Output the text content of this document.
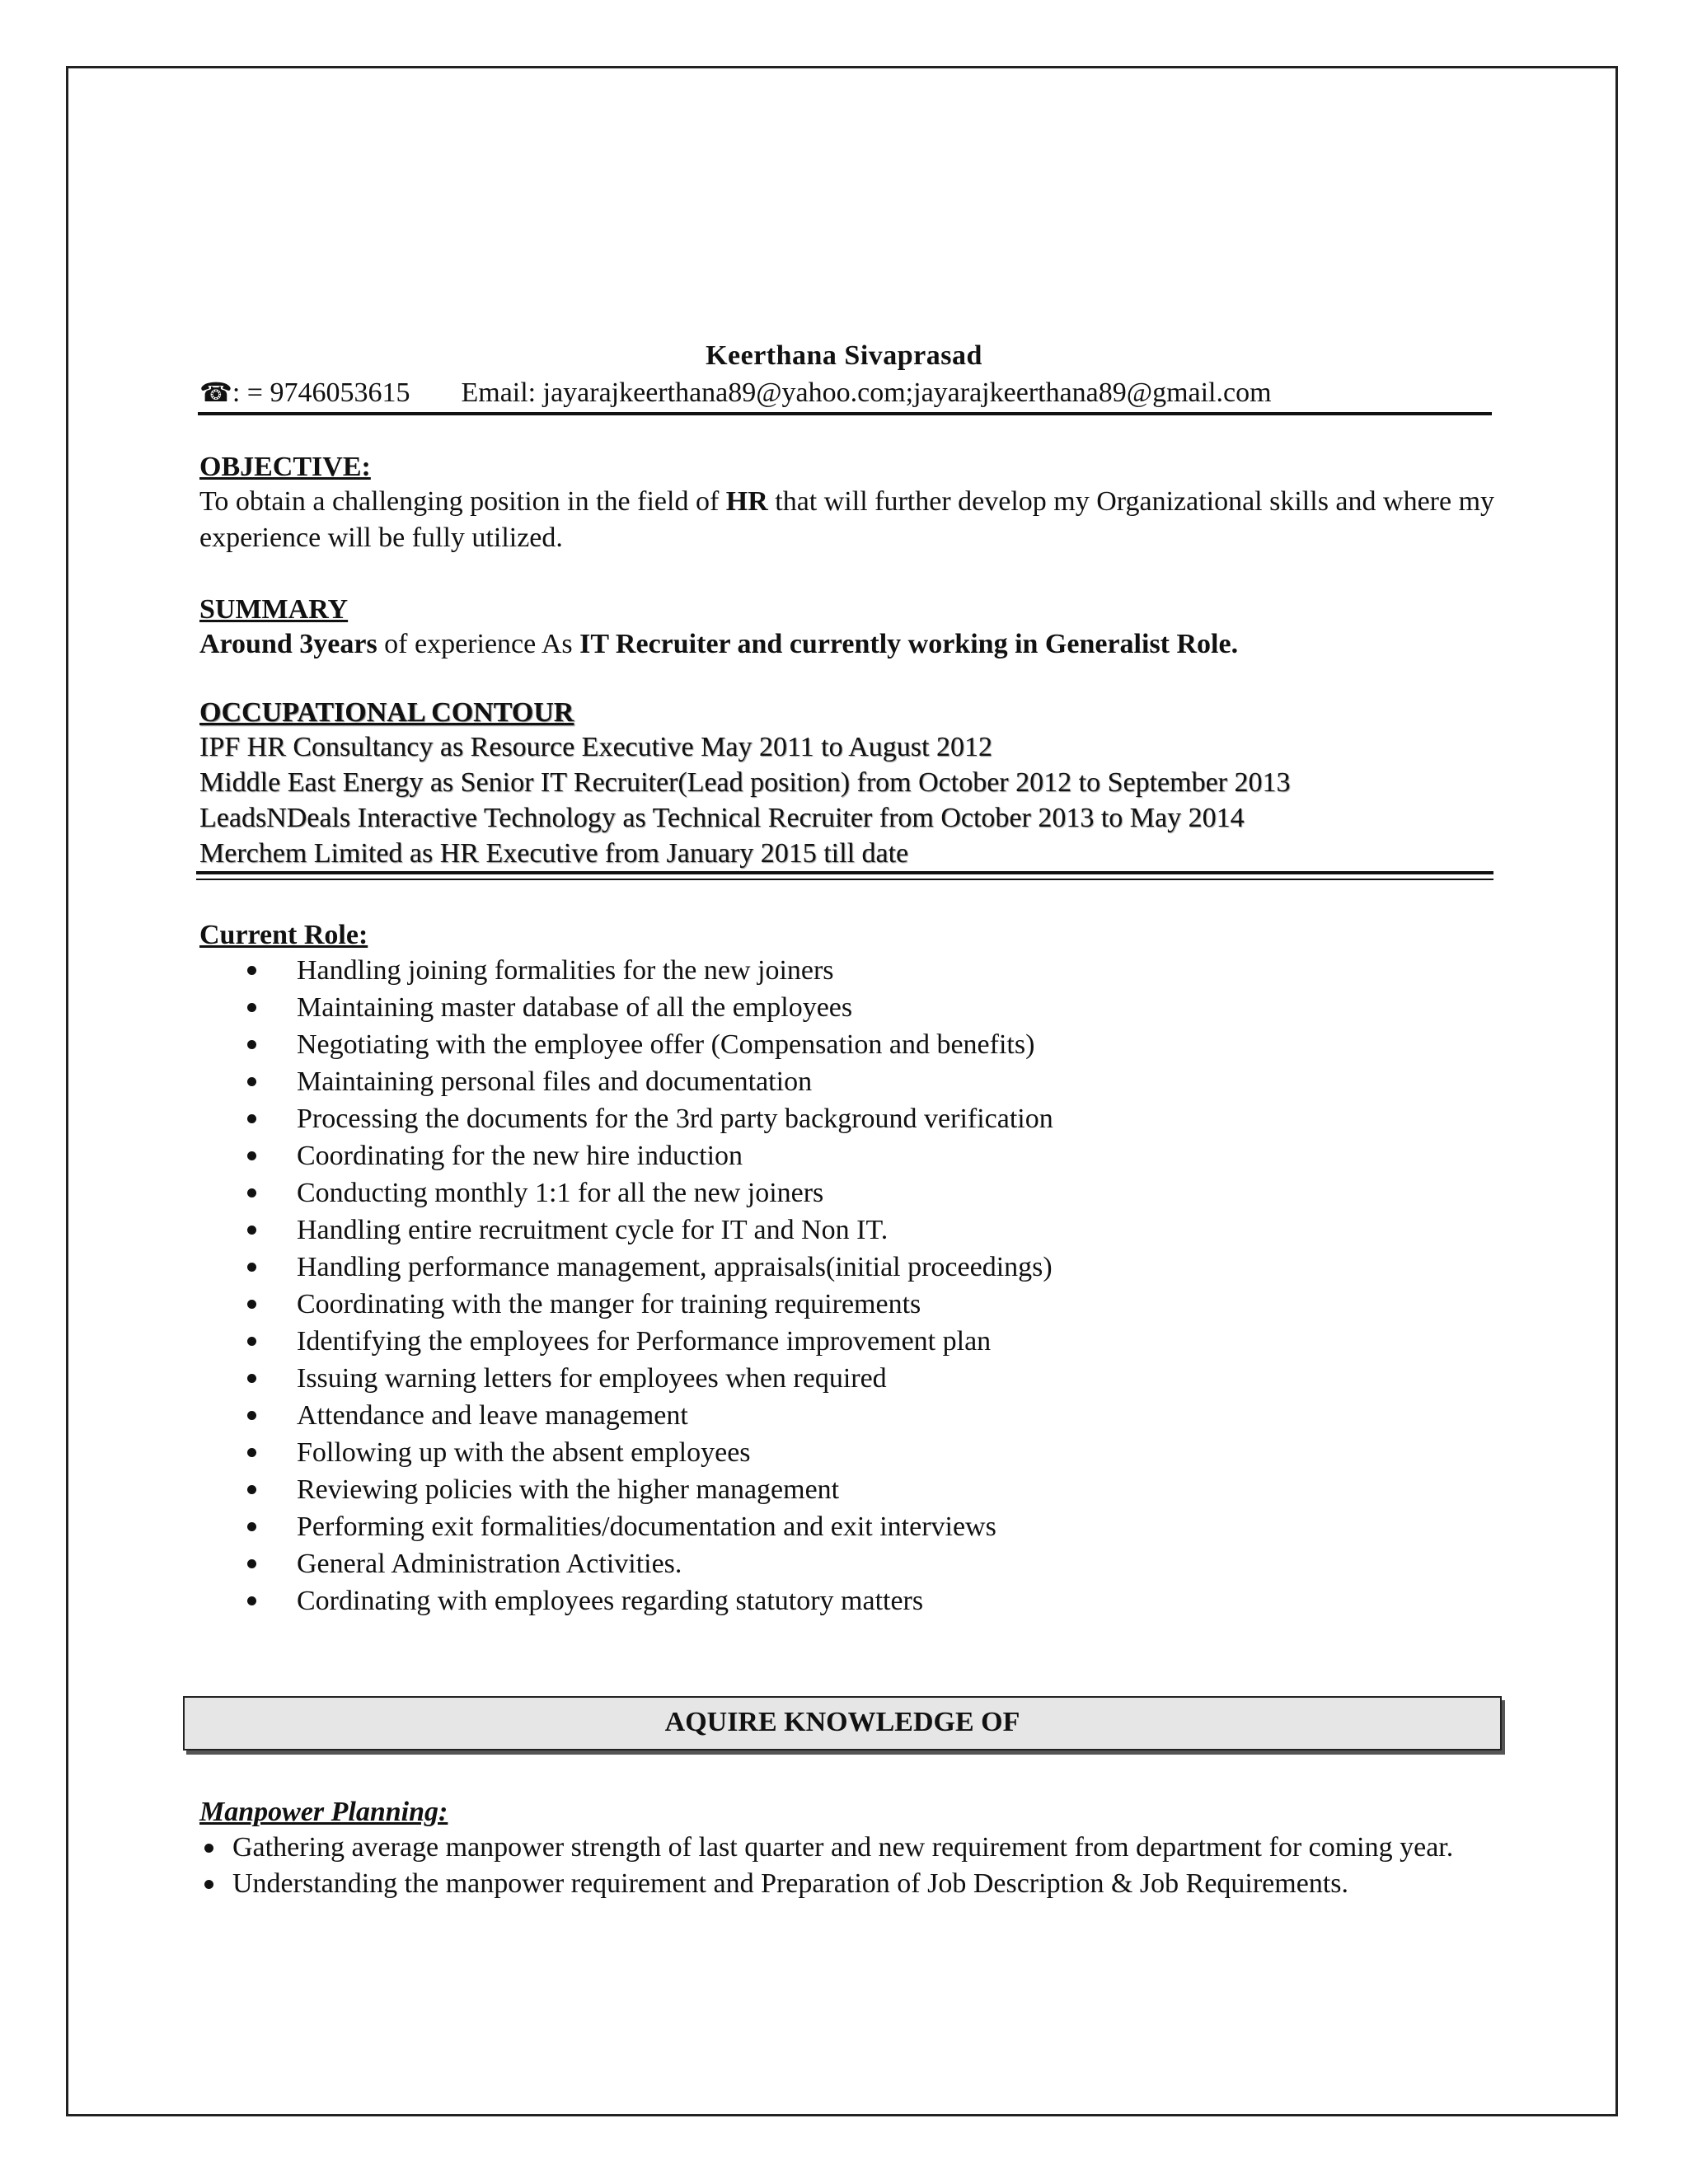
Keerthana Sivaprasad
☎: = 9746053615 Email: jayarajkeerthana89@yahoo.com;jayarajkeerthana89@gmail.com
OBJECTIVE:
To obtain a challenging position in the field of HR that will further develop my Organizational skills and where my experience will be fully utilized.
SUMMARY
Around 3years of experience As IT Recruiter and currently working in Generalist Role.
OCCUPATIONAL CONTOUR
IPF HR Consultancy as Resource Executive May 2011 to August 2012
Middle East Energy as Senior IT Recruiter(Lead position) from October 2012 to September 2013
LeadsNDeals Interactive Technology as Technical Recruiter from October 2013 to May 2014
Merchem Limited as HR Executive from January 2015 till date
Current Role:
Handling joining formalities for the new joiners
Maintaining master database of all the employees
Negotiating with the employee offer (Compensation and benefits)
Maintaining personal files and documentation
Processing the documents for the 3rd party background verification
Coordinating for the new hire induction
Conducting monthly 1:1 for all the new joiners
Handling entire recruitment cycle for IT and Non IT.
Handling performance management, appraisals(initial proceedings)
Coordinating with the manger for training requirements
Identifying the employees for Performance improvement plan
Issuing warning letters for employees when required
Attendance and leave management
Following up with the absent employees
Reviewing policies with the higher management
Performing exit formalities/documentation and exit interviews
General Administration Activities.
Cordinating with employees regarding statutory matters
AQUIRE KNOWLEDGE OF
Manpower Planning:
Gathering average manpower strength of last quarter and new requirement from department for coming year.
Understanding the manpower requirement and Preparation of Job Description & Job Requirements.
